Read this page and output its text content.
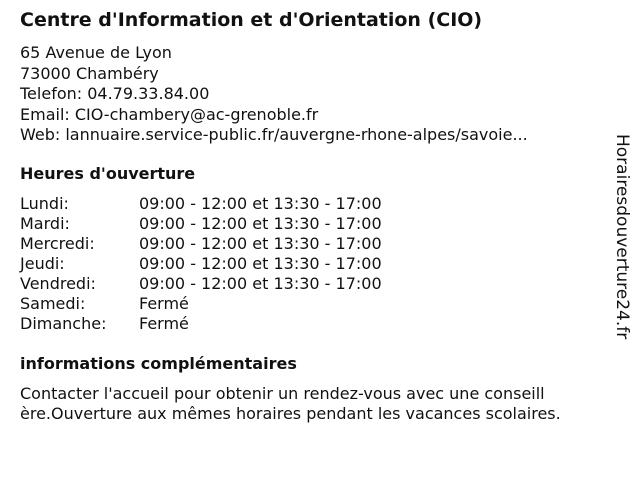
Centre d'Information et d'Orientation (CIO)
65 Avenue de Lyon
73000 Chambéry
Telefon: 04.79.33.84.00
Email: CIO-chambery@ac-grenoble.fr
Web: lannuaire.service-public.fr/auvergne-rhone-alpes/savoie...
Heures d'ouverture
Lundi:	09:00 - 12:00 et 13:30 - 17:00
Mardi:	09:00 - 12:00 et 13:30 - 17:00
Mercredi:	09:00 - 12:00 et 13:30 - 17:00
Jeudi:	09:00 - 12:00 et 13:30 - 17:00
Vendredi:	09:00 - 12:00 et 13:30 - 17:00
Samedi:	Fermé
Dimanche:	Fermé
informations complémentaires

Contacter l'accueil pour obtenir un rendez-vous avec une conseill ère.Ouverture aux mêmes horaires pendant les vacances scolaires.

Horairesdouverture24.fr
